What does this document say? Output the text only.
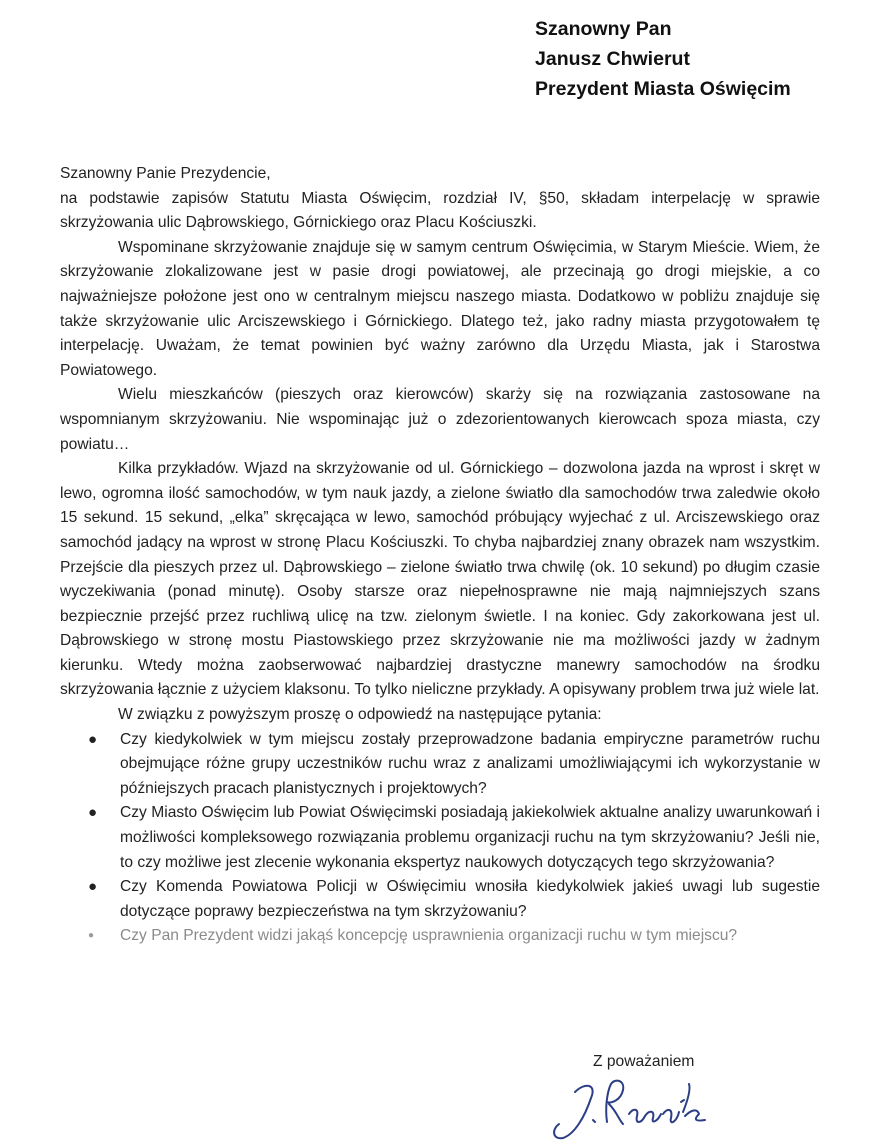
Szanowny Pan
Janusz Chwierut
Prezydent Miasta Oświęcim

Szanowny Panie Prezydencie,

na podstawie zapisów Statutu Miasta Oświęcim, rozdział IV, §50, składam interpelację w sprawie skrzyżowania ulic Dąbrowskiego, Górnickiego oraz Placu Kościuszki.

Wspominane skrzyżowanie znajduje się w samym centrum Oświęcimia, w Starym Mieście. Wiem, że skrzyżowanie zlokalizowane jest w pasie drogi powiatowej, ale przecinają go drogi miejskie, a co najważniejsze położone jest ono w centralnym miejscu naszego miasta. Dodatkowo w pobliżu znajduje się także skrzyżowanie ulic Arciszewskiego i Górnickiego. Dlatego też, jako radny miasta przygotowałem tę interpelację. Uważam, że temat powinien być ważny zarówno dla Urzędu Miasta, jak i Starostwa Powiatowego.

Wielu mieszkańców (pieszych oraz kierowców) skarży się na rozwiązania zastosowane na wspomnianym skrzyżowaniu. Nie wspominając już o zdezorientowanych kierowcach spoza miasta, czy powiatu…

Kilka przykładów. Wjazd na skrzyżowanie od ul. Górnickiego – dozwolona jazda na wprost i skręt w lewo, ogromna ilość samochodów, w tym nauk jazdy, a zielone światło dla samochodów trwa zaledwie około 15 sekund. 15 sekund, „elka” skręcająca w lewo, samochód próbujący wyjechać z ul. Arciszewskiego oraz samochód jadący na wprost w stronę Placu Kościuszki. To chyba najbardziej znany obrazek nam wszystkim. Przejście dla pieszych przez ul. Dąbrowskiego – zielone światło trwa chwilę (ok. 10 sekund) po długim czasie wyczekiwania (ponad minutę). Osoby starsze oraz niepełnosprawne nie mają najmniejszych szans bezpiecznie przejść przez ruchliwą ulicę na tzw. zielonym świetle. I na koniec. Gdy zakorkowana jest ul. Dąbrowskiego w stronę mostu Piastowskiego przez skrzyżowanie nie ma możliwości jazdy w żadnym kierunku. Wtedy można zaobserwować najbardziej drastyczne manewry samochodów na środku skrzyżowania łącznie z użyciem klaksonu. To tylko nieliczne przykłady. A opisywany problem trwa już wiele lat.

W związku z powyższym proszę o odpowiedź na następujące pytania:

● Czy kiedykolwiek w tym miejscu zostały przeprowadzone badania empiryczne parametrów ruchu obejmujące różne grupy uczestników ruchu wraz z analizami umożliwiającymi ich wykorzystanie w późniejszych pracach planistycznych i projektowych?
● Czy Miasto Oświęcim lub Powiat Oświęcimski posiadają jakiekolwiek aktualne analizy uwarunkowań i możliwości kompleksowego rozwiązania problemu organizacji ruchu na tym skrzyżowaniu? Jeśli nie, to czy możliwe jest zlecenie wykonania ekspertyz naukowych dotyczących tego skrzyżowania?
● Czy Komenda Powiatowa Policji w Oświęcimiu wnosiła kiedykolwiek jakieś uwagi lub sugestie dotyczące poprawy bezpieczeństwa na tym skrzyżowaniu?
● Czy Pan Prezydent widzi jakąś koncepcję usprawnienia organizacji ruchu w tym miejscu?
Z poważaniem
